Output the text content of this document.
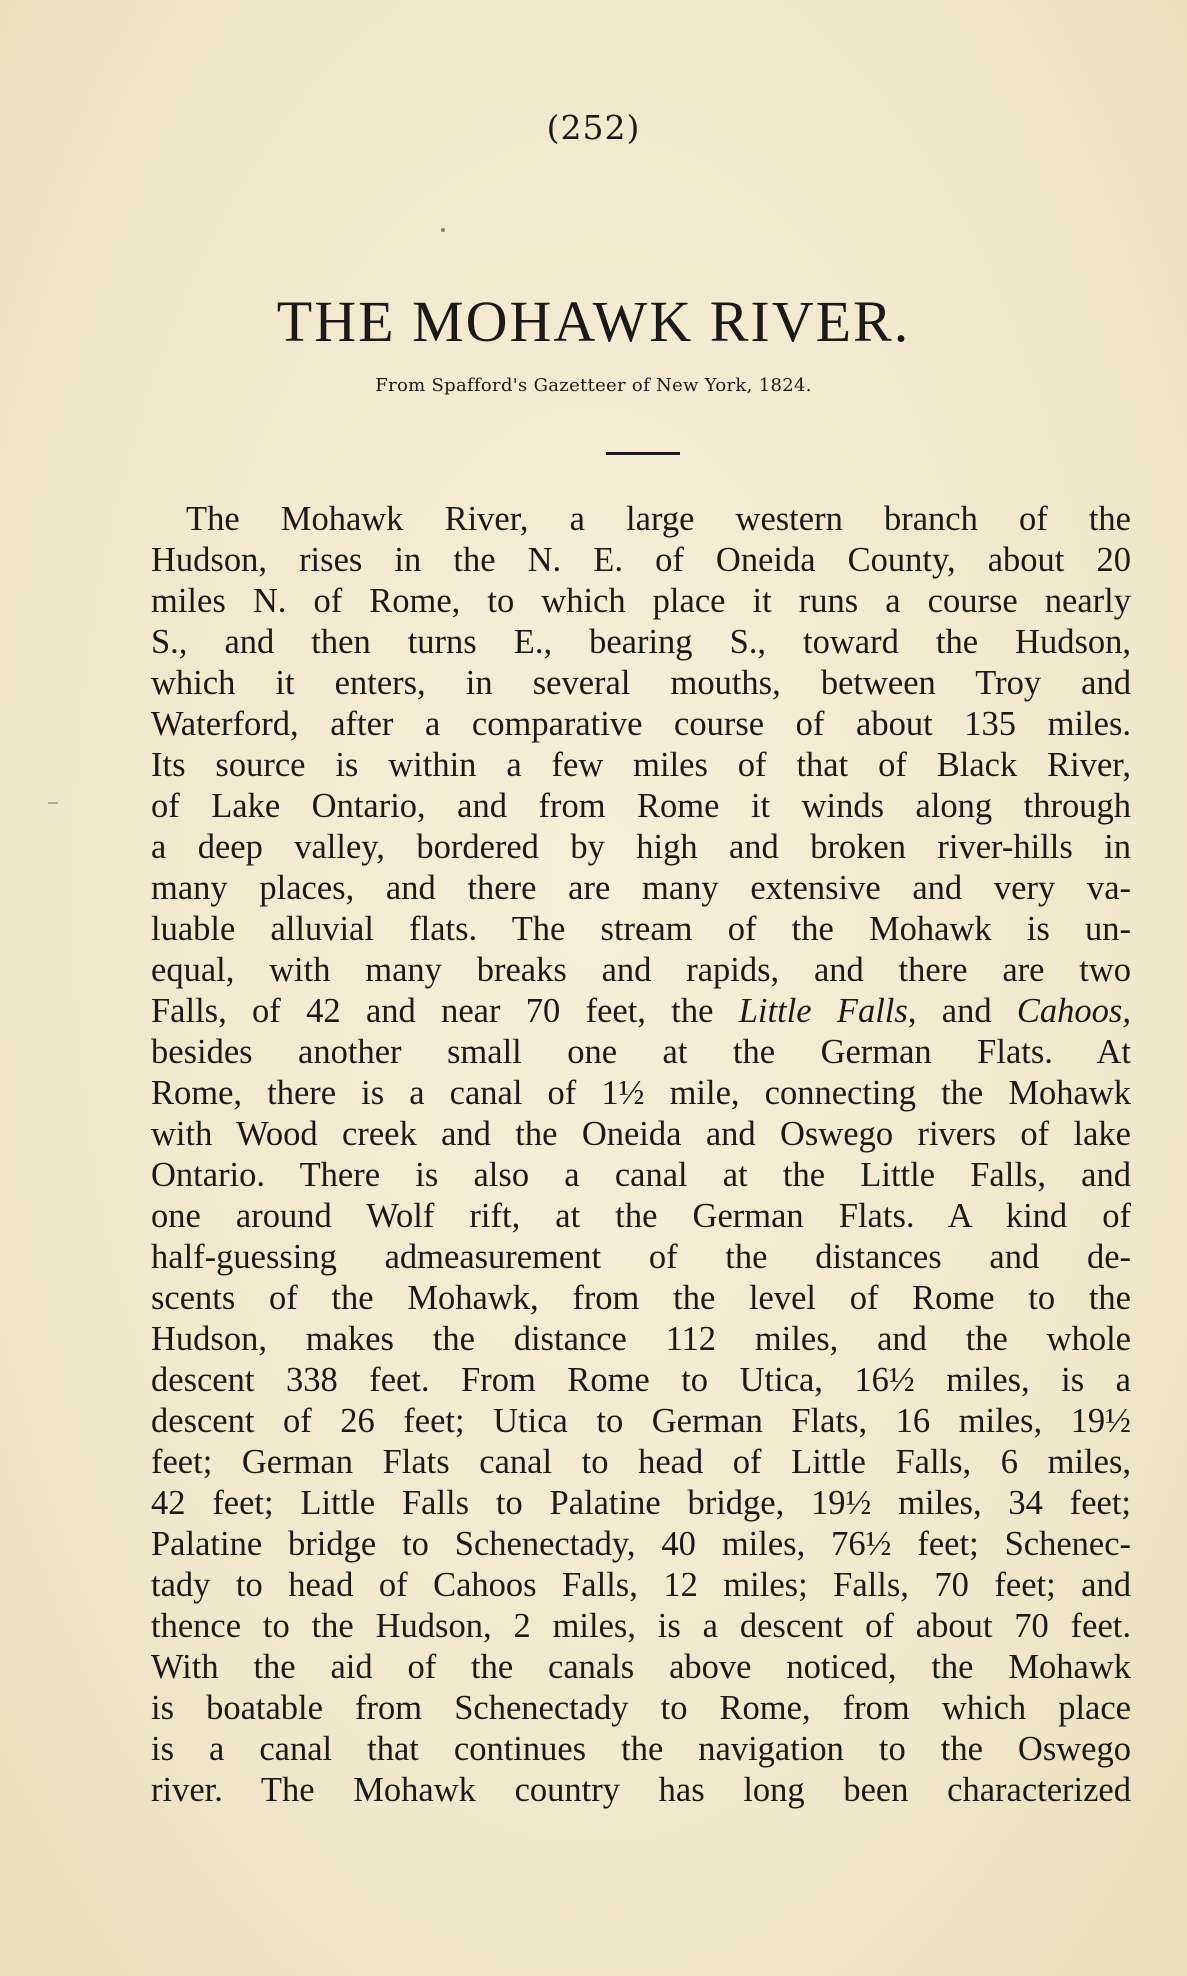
(252)
THE MOHAWK RIVER.
From Spafford's Gazetteer of New York, 1824.
The Mohawk River, a large western branch of the
Hudson, rises in the N. E. of Oneida County, about 20
miles N. of Rome, to which place it runs a course nearly
S., and then turns E., bearing S., toward the Hudson,
which it enters, in several mouths, between Troy and
Waterford, after a comparative course of about 135 miles.
Its source is within a few miles of that of Black River,
of Lake Ontario, and from Rome it winds along through
a deep valley, bordered by high and broken river-hills in
many places, and there are many extensive and very va-
luable alluvial flats. The stream of the Mohawk is un-
equal, with many breaks and rapids, and there are two
Falls, of 42 and near 70 feet, the Little Falls, and Cahoos,
besides another small one at the German Flats. At
Rome, there is a canal of 1½ mile, connecting the Mohawk
with Wood creek and the Oneida and Oswego rivers of lake
Ontario. There is also a canal at the Little Falls, and
one around Wolf rift, at the German Flats. A kind of
half-guessing admeasurement of the distances and de-
scents of the Mohawk, from the level of Rome to the
Hudson, makes the distance 112 miles, and the whole
descent 338 feet. From Rome to Utica, 16½ miles, is a
descent of 26 feet; Utica to German Flats, 16 miles, 19½
feet; German Flats canal to head of Little Falls, 6 miles,
42 feet; Little Falls to Palatine bridge, 19½ miles, 34 feet;
Palatine bridge to Schenectady, 40 miles, 76½ feet; Schenec-
tady to head of Cahoos Falls, 12 miles; Falls, 70 feet; and
thence to the Hudson, 2 miles, is a descent of about 70 feet.
With the aid of the canals above noticed, the Mohawk
is boatable from Schenectady to Rome, from which place
is a canal that continues the navigation to the Oswego
river. The Mohawk country has long been characterized
